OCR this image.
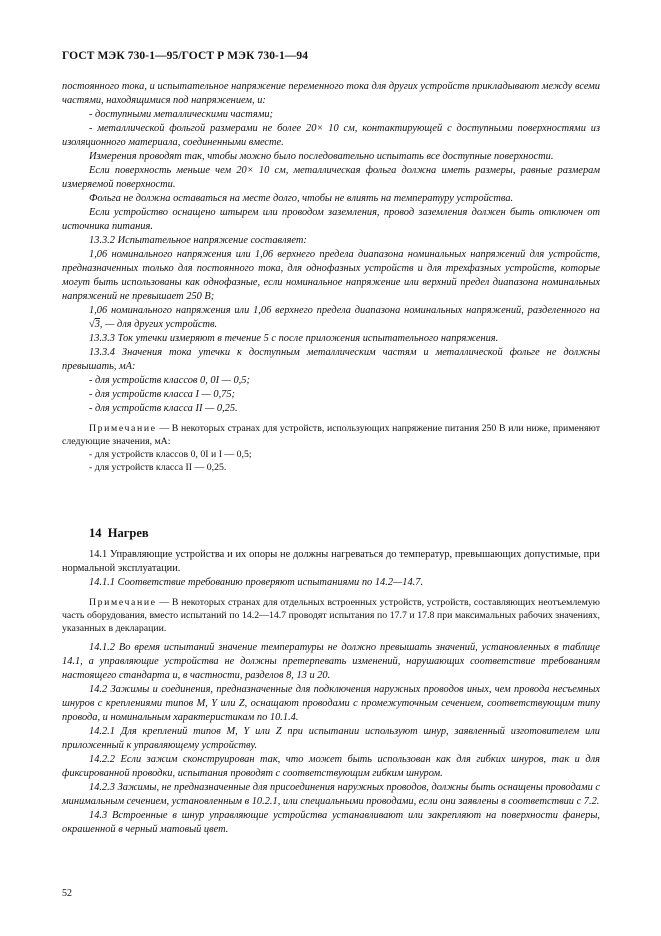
ГОСТ МЭК 730-1—95/ГОСТ Р МЭК 730-1—94

постоянного тока, и испытательное напряжение переменного тока для других устройств прикладывают между всеми частями, находящимися под напряжением, и:

- доступными металлическими частями;

- металлической фольгой размерами не более 20× 10 см, контактирующей с доступными поверхностями из изоляционного материала, соединенными вместе.

Измерения проводят так, чтобы можно было последовательно испытать все доступные поверхности.

Если поверхность меньше чем 20× 10 см, металлическая фольга должна иметь размеры, равные размерам измеряемой поверхности.

Фольга не должна оставаться на месте долго, чтобы не влиять на температуру устройства.

Если устройство оснащено штырем или проводом заземления, провод заземления должен быть отключен от источника питания.

13.3.2 Испытательное напряжение составляет:

1,06 номинального напряжения или 1,06 верхнего предела диапазона номинальных напряжений для устройств, предназначенных только для постоянного тока, для однофазных устройств и для трехфазных устройств, которые могут быть использованы как однофазные, если номинальное напряжение или верхний предел диапазона номинальных напряжений не превышает 250 В;

1,06 номинального напряжения или 1,06 верхнего предела диапазона номинальных напряжений, разделенного на √3, — для других устройств.

13.3.3 Ток утечки измеряют в течение 5 с после приложения испытательного напряжения.

13.3.4 Значения тока утечки к доступным металлическим частям и металлической фольге не должны превышать, мА:

- для устройств классов 0, 0I — 0,5;

- для устройств класса I — 0,75;

- для устройств класса II — 0,25.

Примечание — В некоторых странах для устройств, использующих напряжение питания 250 В или ниже, применяют следующие значения, мА:

- для устройств классов 0, 0I и I — 0,5;

- для устройств класса II — 0,25.

14 Нагрев

14.1 Управляющие устройства и их опоры не должны нагреваться до температур, превышающих допустимые, при нормальной эксплуатации.

14.1.1 Соответствие требованию проверяют испытаниями по 14.2—14.7.

Примечание — В некоторых странах для отдельных встроенных устройств, устройств, составляющих неотъемлемую часть оборудования, вместо испытаний по 14.2—14.7 проводят испытания по 17.7 и 17.8 при максимальных рабочих значениях, указанных в декларации.

14.1.2 Во время испытаний значение температуры не должно превышать значений, установленных в таблице 14.1, а управляющие устройства не должны претерпевать изменений, нарушающих соответствие требованиям настоящего стандарта и, в частности, разделов 8, 13 и 20.

14.2 Зажимы и соединения, предназначенные для подключения наружных проводов иных, чем провода несъемных шнуров с креплениями типов М, Y или Z, оснащают проводами с промежуточным сечением, соответствующим типу провода, и номинальным характеристикам по 10.1.4.

14.2.1 Для креплений типов М, Y или Z при испытании используют шнур, заявленный изготовителем или приложенный к управляющему устройству.

14.2.2 Если зажим сконструирован так, что может быть использован как для гибких шнуров, так и для фиксированной проводки, испытания проводят с соответствующим гибким шнуром.

14.2.3 Зажимы, не предназначенные для присоединения наружных проводов, должны быть оснащены проводами с минимальным сечением, установленным в 10.2.1, или специальными проводами, если они заявлены в соответствии с 7.2.

14.3 Встроенные в шнур управляющие устройства устанавливают или закрепляют на поверхности фанеры, окрашенной в черный матовый цвет.

52
